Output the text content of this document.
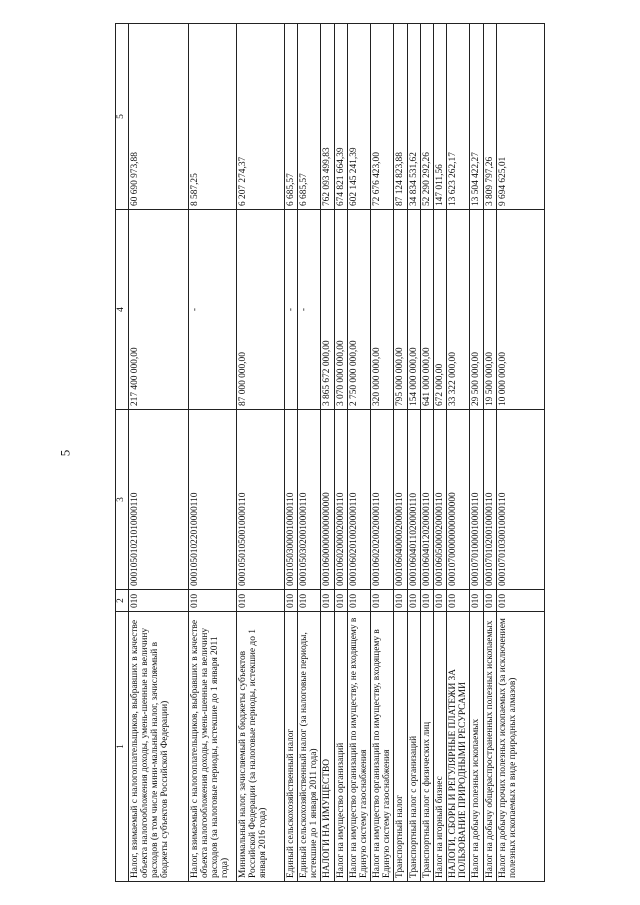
5
1	2	3	4	5
Налог, взимаемый с налогоплательщиков, выбравших в качестве объекта налогообложения доходы, умень-шенные на величину расходов (в том числе мини-мальный налог, зачисляемый в бюджеты субъектов Российской Федерации)	010	00010501021010000110	217 400 000,00	60 690 973,88
Налог, взимаемый с налогоплательщиков, выбравших в качестве объекта налогообложения доходы, умень-шенные на величину расходов (за налоговые периоды, истекшие до 1 января 2011 года)	010	00010501022010000110	-	8 587,25
Минимальный налог, зачисляемый в бюджеты субъектов Российской Федерации (за налоговые периоды, истекшие до 1 января 2016 года)	010	00010501050010000110	87 000 000,00	6 207 274,37
Единый сельскохозяйственный налог	010	00010503000010000110	-	6 685,57
Единый сельскохозяйственный налог (за налоговые периоды, истекшие до 1 января 2011 года)	010	00010503020010000110	-	6 685,57
НАЛОГИ НА ИМУЩЕСТВО	010	00010600000000000000	3 865 672 000,00	762 093 499,83
Налог на имущество организаций	010	00010602000020000110	3 070 000 000,00	674 821 664,39
Налог на имущество организаций по имуществу, не входящему в Единую систему газоснабжения	010	00010602010020000110	2 750 000 000,00	602 145 241,39
Налог на имущество организаций по имуществу, входящему в Единую систему газоснабжения	010	00010602020020000110	320 000 000,00	72 676 423,00
Транспортный налог	010	00010604000020000110	795 000 000,00	87 124 823,88
Транспортный налог с организаций	010	00010604011020000110	154 000 000,00	34 834 531,62
Транспортный налог с физических лиц	010	00010604012020000110	641 000 000,00	52 290 292,26
Налог на игорный бизнес	010	00010605000020000110	672 000,00	147 011,56
НАЛОГИ, СБОРЫ И РЕГУЛЯРНЫЕ ПЛАТЕЖИ ЗА ПОЛЬЗОВАНИЕ ПРИРОДНЫМИ РЕСУРСАМИ	010	00010700000000000000	33 322 000,00	13 623 262,17
Налог на добычу полезных ископаемых	010	00010701000010000110	29 500 000,00	13 504 422,27
Налог на добычу общераспространенных полезных ископаемых	010	00010701020010000110	19 500 000,00	3 809 797,26
Налог на добычу прочих полезных ископаемых (за исключением полезных ископаемых в виде природных алмазов)	010	00010701030010000110	10 000 000,00	9 694 625,01
